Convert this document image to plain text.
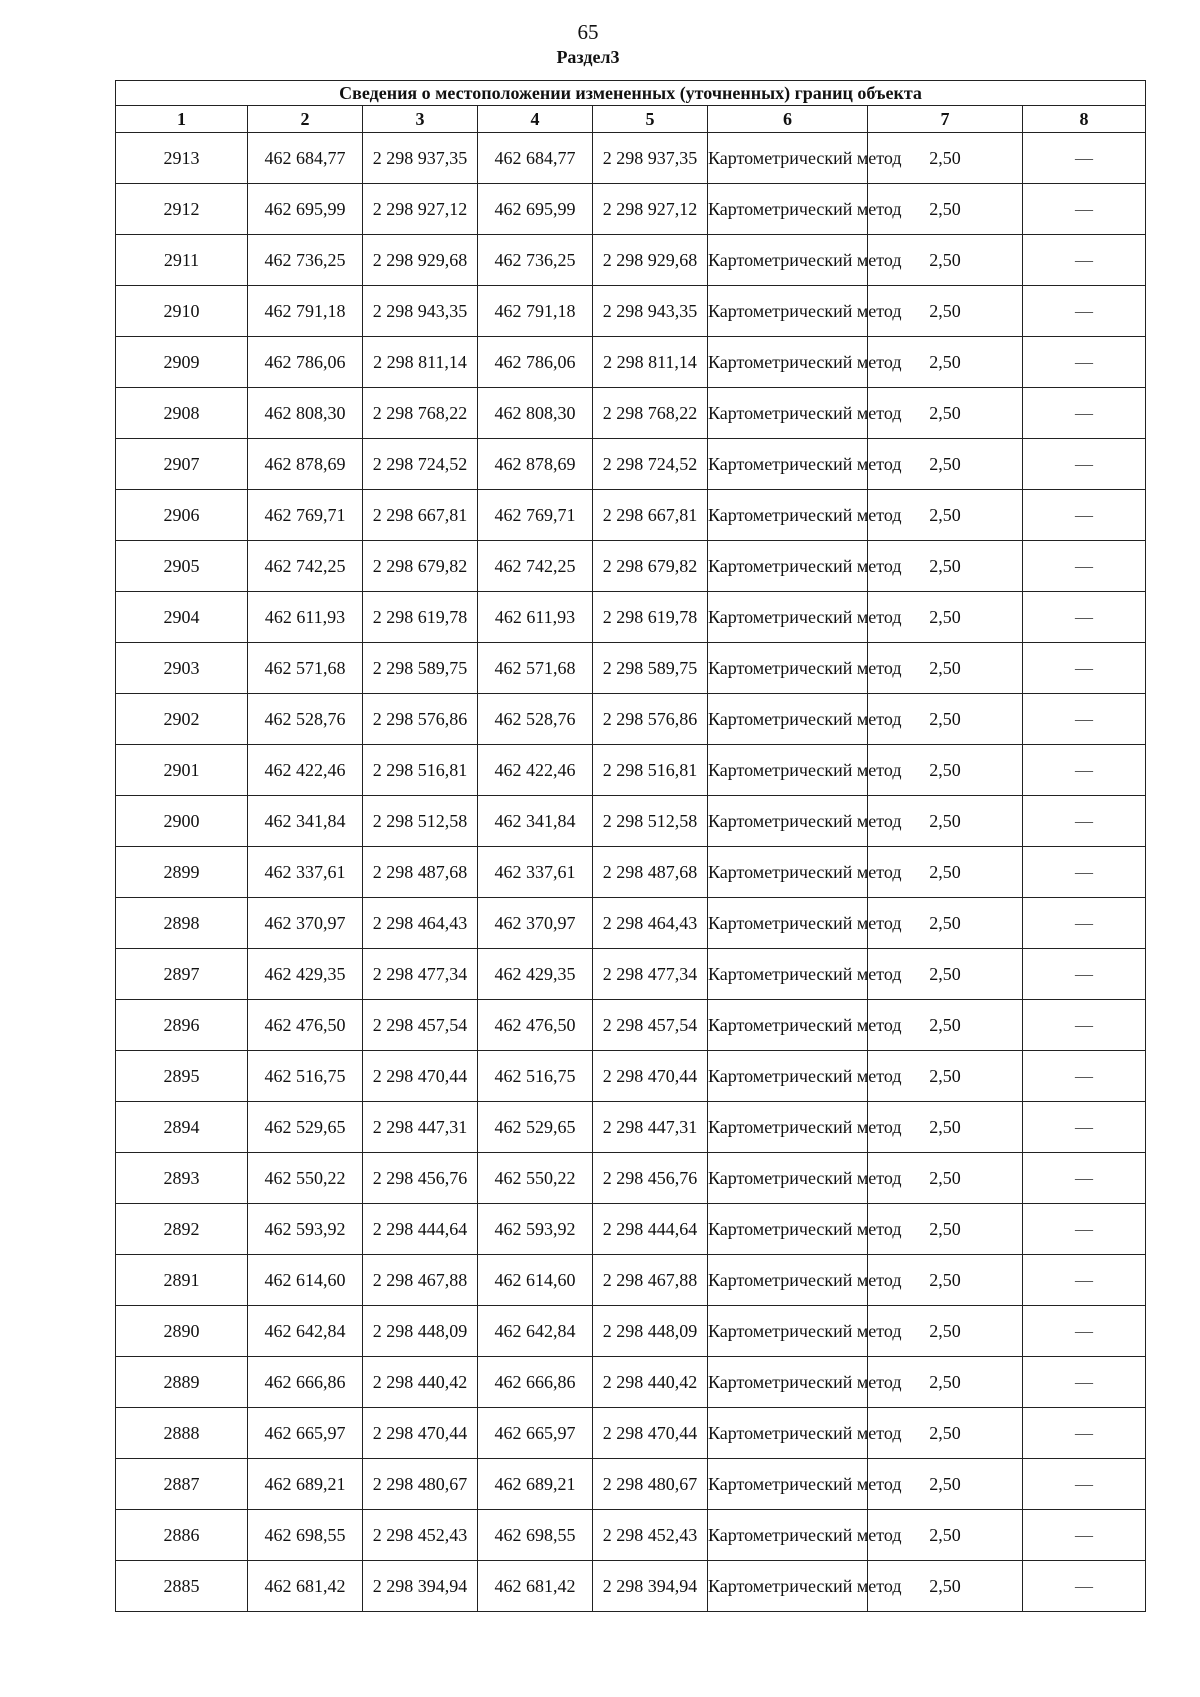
65
Раздел3
Сведения о местоположении измененных (уточненных) границ объекта							
1	2	3	4	5	6	7	8
2913	462 684,77	2 298 937,35	462 684,77	2 298 937,35	Картометрический метод	2,50	—
2912	462 695,99	2 298 927,12	462 695,99	2 298 927,12	Картометрический метод	2,50	—
2911	462 736,25	2 298 929,68	462 736,25	2 298 929,68	Картометрический метод	2,50	—
2910	462 791,18	2 298 943,35	462 791,18	2 298 943,35	Картометрический метод	2,50	—
2909	462 786,06	2 298 811,14	462 786,06	2 298 811,14	Картометрический метод	2,50	—
2908	462 808,30	2 298 768,22	462 808,30	2 298 768,22	Картометрический метод	2,50	—
2907	462 878,69	2 298 724,52	462 878,69	2 298 724,52	Картометрический метод	2,50	—
2906	462 769,71	2 298 667,81	462 769,71	2 298 667,81	Картометрический метод	2,50	—
2905	462 742,25	2 298 679,82	462 742,25	2 298 679,82	Картометрический метод	2,50	—
2904	462 611,93	2 298 619,78	462 611,93	2 298 619,78	Картометрический метод	2,50	—
2903	462 571,68	2 298 589,75	462 571,68	2 298 589,75	Картометрический метод	2,50	—
2902	462 528,76	2 298 576,86	462 528,76	2 298 576,86	Картометрический метод	2,50	—
2901	462 422,46	2 298 516,81	462 422,46	2 298 516,81	Картометрический метод	2,50	—
2900	462 341,84	2 298 512,58	462 341,84	2 298 512,58	Картометрический метод	2,50	—
2899	462 337,61	2 298 487,68	462 337,61	2 298 487,68	Картометрический метод	2,50	—
2898	462 370,97	2 298 464,43	462 370,97	2 298 464,43	Картометрический метод	2,50	—
2897	462 429,35	2 298 477,34	462 429,35	2 298 477,34	Картометрический метод	2,50	—
2896	462 476,50	2 298 457,54	462 476,50	2 298 457,54	Картометрический метод	2,50	—
2895	462 516,75	2 298 470,44	462 516,75	2 298 470,44	Картометрический метод	2,50	—
2894	462 529,65	2 298 447,31	462 529,65	2 298 447,31	Картометрический метод	2,50	—
2893	462 550,22	2 298 456,76	462 550,22	2 298 456,76	Картометрический метод	2,50	—
2892	462 593,92	2 298 444,64	462 593,92	2 298 444,64	Картометрический метод	2,50	—
2891	462 614,60	2 298 467,88	462 614,60	2 298 467,88	Картометрический метод	2,50	—
2890	462 642,84	2 298 448,09	462 642,84	2 298 448,09	Картометрический метод	2,50	—
2889	462 666,86	2 298 440,42	462 666,86	2 298 440,42	Картометрический метод	2,50	—
2888	462 665,97	2 298 470,44	462 665,97	2 298 470,44	Картометрический метод	2,50	—
2887	462 689,21	2 298 480,67	462 689,21	2 298 480,67	Картометрический метод	2,50	—
2886	462 698,55	2 298 452,43	462 698,55	2 298 452,43	Картометрический метод	2,50	—
2885	462 681,42	2 298 394,94	462 681,42	2 298 394,94	Картометрический метод	2,50	—
